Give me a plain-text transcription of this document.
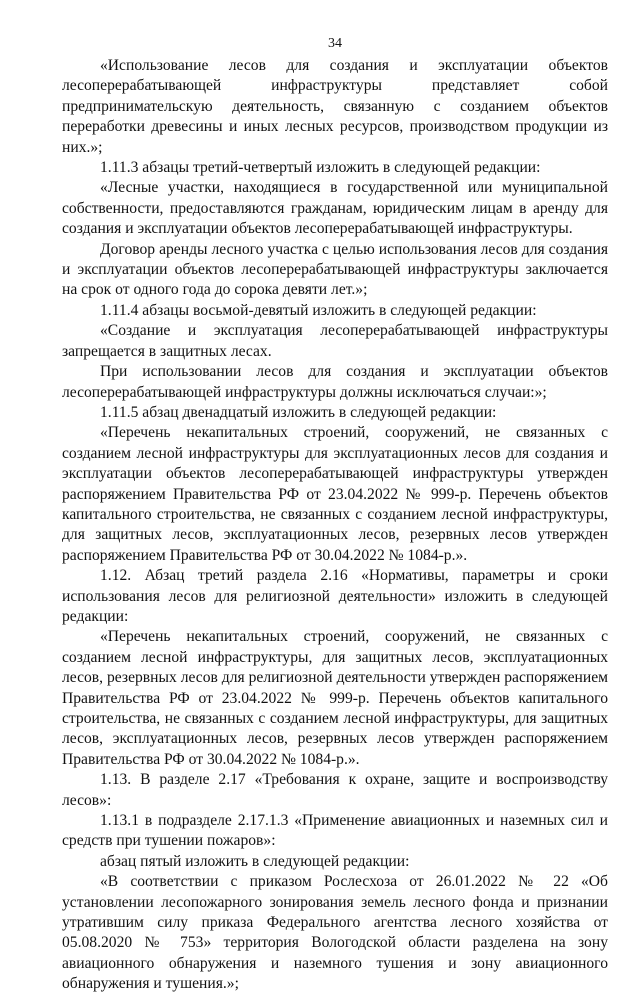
34

«Использование лесов для создания и эксплуатации объектов лесоперерабатывающей инфраструктуры представляет собой предпринимательскую деятельность, связанную с созданием объектов переработки древесины и иных лесных ресурсов, производством продукции из них.»;

1.11.3 абзацы третий-четвертый изложить в следующей редакции:

«Лесные участки, находящиеся в государственной или муниципальной собственности, предоставляются гражданам, юридическим лицам в аренду для создания и эксплуатации объектов лесоперерабатывающей инфраструктуры.

Договор аренды лесного участка с целью использования лесов для создания и эксплуатации объектов лесоперерабатывающей инфраструктуры заключается на срок от одного года до сорока девяти лет.»;

1.11.4 абзацы восьмой-девятый изложить в следующей редакции:

«Создание и эксплуатация лесоперерабатывающей инфраструктуры запрещается в защитных лесах.

При использовании лесов для создания и эксплуатации объектов лесоперерабатывающей инфраструктуры должны исключаться случаи:»;

1.11.5 абзац двенадцатый изложить в следующей редакции:

«Перечень некапитальных строений, сооружений, не связанных с созданием лесной инфраструктуры для эксплуатационных лесов для создания и эксплуатации объектов лесоперерабатывающей инфраструктуры утвержден распоряжением Правительства РФ от 23.04.2022 № 999-р. Перечень объектов капитального строительства, не связанных с созданием лесной инфраструктуры, для защитных лесов, эксплуатационных лесов, резервных лесов утвержден распоряжением Правительства РФ от 30.04.2022 № 1084-р.».

1.12. Абзац третий раздела 2.16 «Нормативы, параметры и сроки использования лесов для религиозной деятельности» изложить в следующей редакции:

«Перечень некапитальных строений, сооружений, не связанных с созданием лесной инфраструктуры, для защитных лесов, эксплуатационных лесов, резервных лесов для религиозной деятельности утвержден распоряжением Правительства РФ от 23.04.2022 № 999-р. Перечень объектов капитального строительства, не связанных с созданием лесной инфраструктуры, для защитных лесов, эксплуатационных лесов, резервных лесов утвержден распоряжением Правительства РФ от 30.04.2022 № 1084-р.».

1.13. В разделе 2.17 «Требования к охране, защите и воспроизводству лесов»:

1.13.1 в подразделе 2.17.1.3 «Применение авиационных и наземных сил и средств при тушении пожаров»:

абзац пятый изложить в следующей редакции:

«В соответствии с приказом Рослесхоза от 26.01.2022 № 22 «Об установлении лесопожарного зонирования земель лесного фонда и признании утратившим силу приказа Федерального агентства лесного хозяйства от 05.08.2020 № 753» территория Вологодской области разделена на зону авиационного обнаружения и наземного тушения и зону авиационного обнаружения и тушения.»;
